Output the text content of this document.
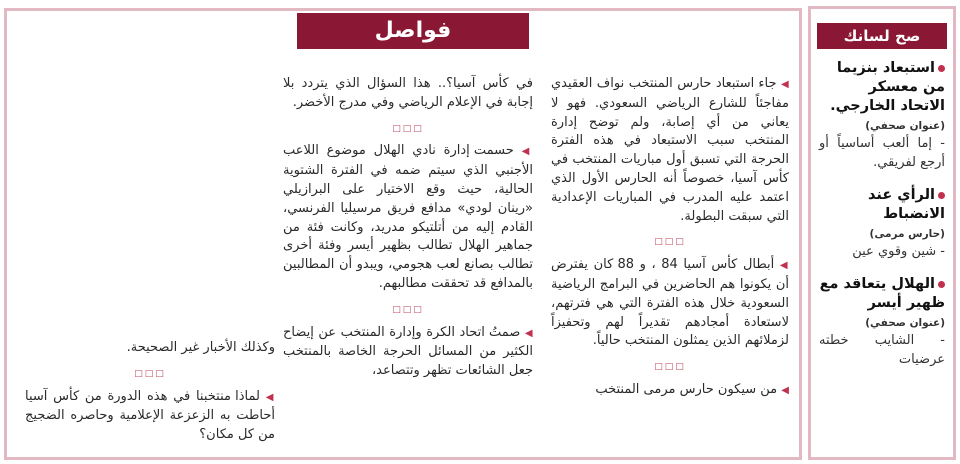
صح لسانك
استبعاد بنزيما من معسكر الاتحاد الخارجي.
(عنوان صحفي)
- إما ألعب أساسياً أو أرجع لفريقي.
الرأي عند الانضباط
(حارس مرمى)
- شين وقوي عين
الهلال يتعاقد مع ظهير أيسر
(عنوان صحفي)
- الشايب خطته عرضيات
فواصل
◀ جاء استبعاد حارس المنتخب نواف العقيدي مفاجئاً للشارع الرياضي السعودي. فهو لا يعاني من أي إصابة، ولم توضح إدارة المنتخب سبب الاستبعاد في هذه الفترة الحرجة التي تسبق أول مباريات المنتخب في كأس آسيا، خصوصاً أنه الحارس الأول الذي اعتمد عليه المدرب في المباريات الإعدادية التي سبقت البطولة.
□□□
◀ أبطال كأس آسيا 84 ، و 88 كان يفترض أن يكونوا هم الحاضرين في البرامج الرياضية السعودية خلال هذه الفترة التي هي فترتهم، لاستعادة أمجادهم تقديراً لهم وتحفيزاً لزملائهم الذين يمثلون المنتخب حالياً.
□□□
◀ من سيكون حارس مرمى المنتخب
في كأس آسيا؟.. هذا السؤال الذي يتردد بلا إجابة في الإعلام الرياضي وفي مدرج الأخضر.
□□□
◀ حسمت إدارة نادي الهلال موضوع اللاعب الأجنبي الذي سيتم ضمه في الفترة الشتوية الحالية، حيث وقع الاختيار على البرازيلي «رينان لودي» مدافع فريق مرسيليا الفرنسي، القادم إليه من أتلتيكو مدريد، وكانت فئة من جماهير الهلال تطالب بظهير أيسر وفئة أخرى تطالب بصانع لعب هجومي، ويبدو أن المطالبين بالمدافع قد تحققت مطالبهم.
□□□
◀ صمتُ اتحاد الكرة وإدارة المنتخب عن إيضاح الكثير من المسائل الحرجة الخاصة بالمنتخب جعل الشائعات تظهر وتتصاعد،
وكذلك الأخبار غير الصحيحة.
□□□
◀ لماذا منتخبنا في هذه الدورة من كأس آسيا أحاطت به الزعزعة الإعلامية وحاصره الضجيج من كل مكان؟
